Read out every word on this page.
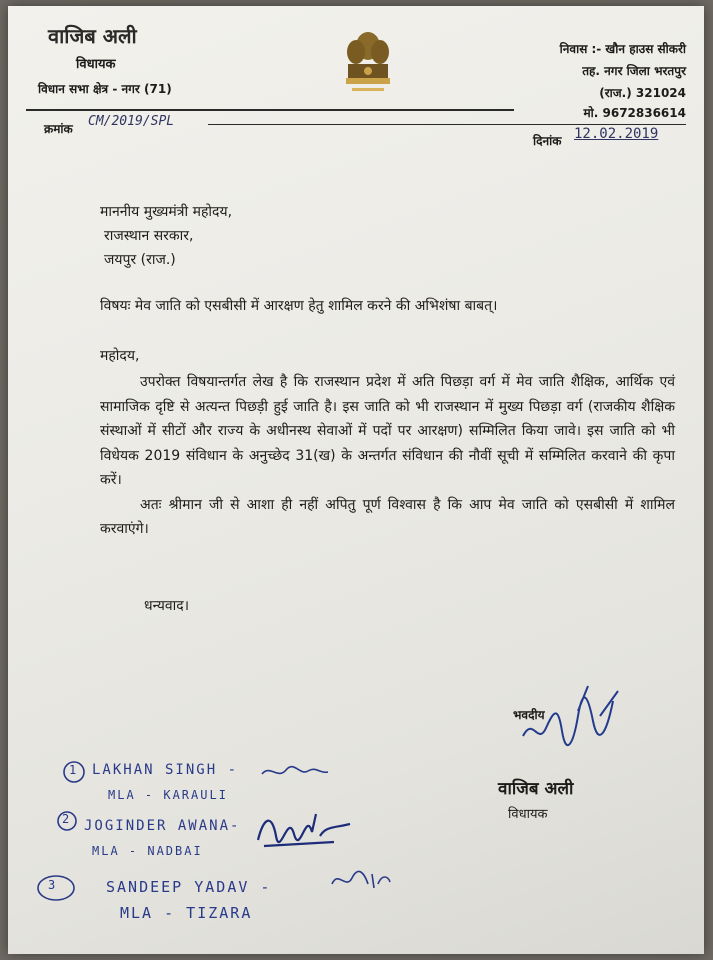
वाजिब अली
विधायक
विधान सभा क्षेत्र - नगर (71)
निवास :- खौन हाउस सीकरी
तह. नगर जिला भरतपुर
(राज.) 321024
मो. 9672836614
क्रमांक CM/2019/SPL
दिनांक 12.02.2019
माननीय मुख्यमंत्री महोदय,
राजस्थान सरकार,
जयपुर (राज.)
विषयः मेव जाति को एसबीसी में आरक्षण हेतु शामिल करने की अभिशंषा बाबत्।
महोदय,

उपरोक्त विषयान्तर्गत लेख है कि राजस्थान प्रदेश में अति पिछड़ा वर्ग में मेव जाति शैक्षिक, आर्थिक एवं सामाजिक दृष्टि से अत्यन्त पिछड़ी हुई जाति है। इस जाति को भी राजस्थान में मुख्य पिछड़ा वर्ग (राजकीय शैक्षिक संस्थाओं में सीटों और राज्य के अधीनस्थ सेवाओं में पदों पर आरक्षण) सम्मिलित किया जावे। इस जाति को भी विधेयक 2019 संविधान के अनुच्छेद 31(ख) के अन्तर्गत संविधान की नौवीं सूची में सम्मिलित करवाने की कृपा करें।

अतः श्रीमान जी से आशा ही नहीं अपितु पूर्ण विश्वास है कि आप मेव जाति को एसबीसी में शामिल करवाएंगे।

धन्यवाद।
भवदीय
वाजिब अली
विधायक
1 LAKHAN SINGH -
MLA - KARAULI
2 JOGINDER AWANA-
MLA - NADBAI
3	SANDEEP YADAV -
MLA - TIZARA
